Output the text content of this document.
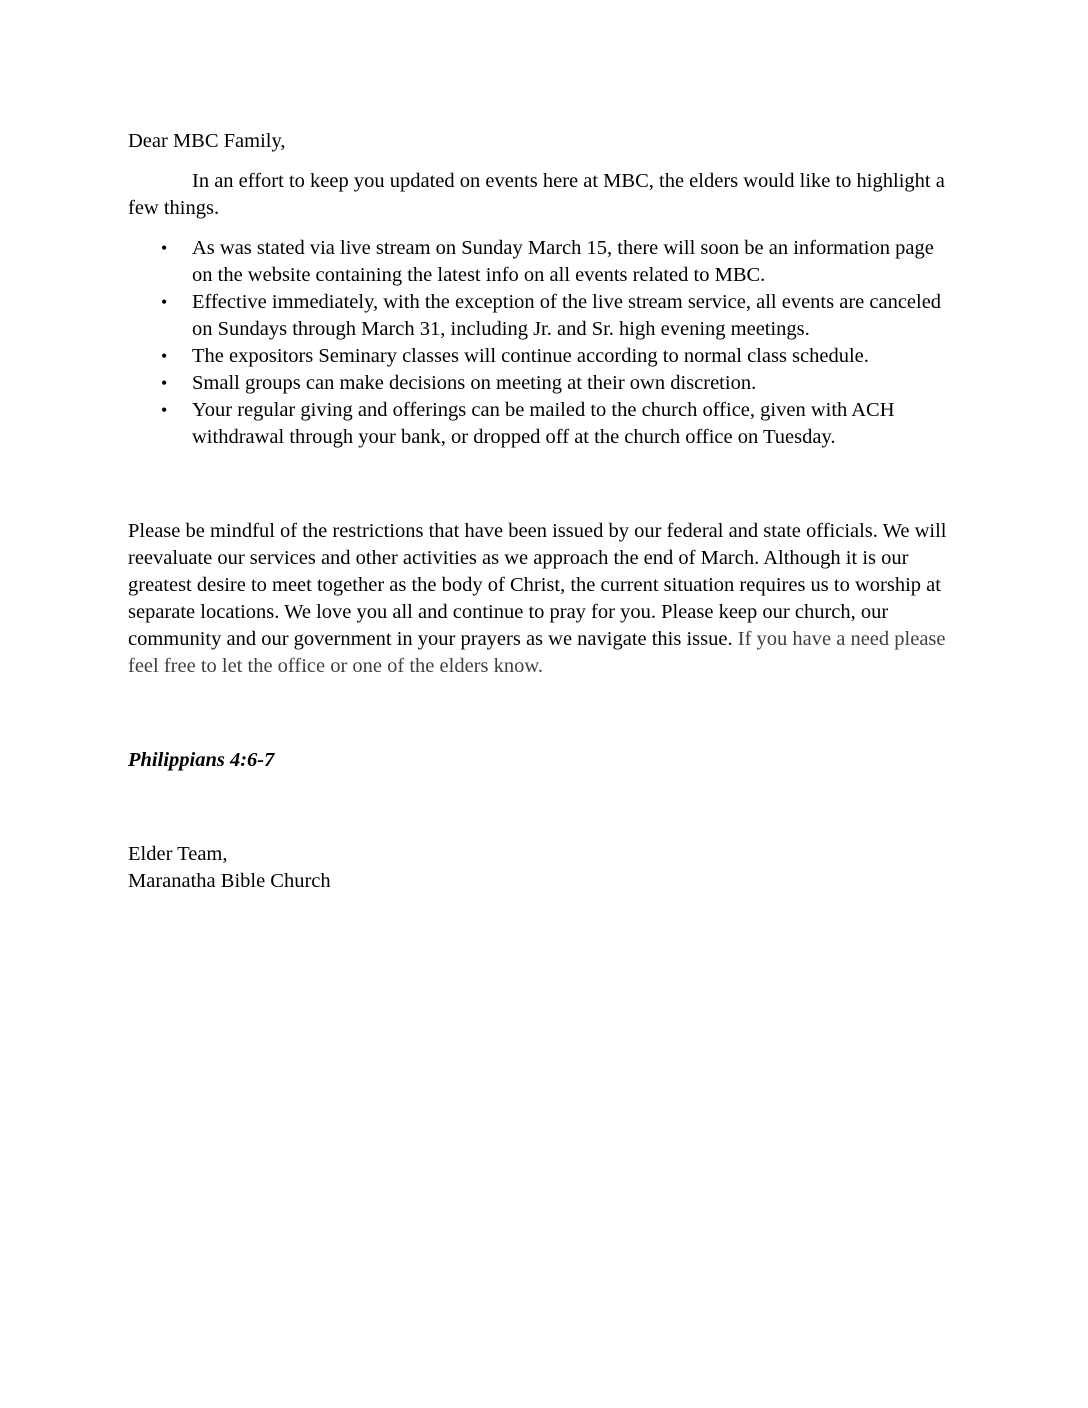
Dear MBC Family,

In an effort to keep you updated on events here at MBC, the elders would like to highlight a few things.

• As was stated via live stream on Sunday March 15, there will soon be an information page on the website containing the latest info on all events related to MBC.
• Effective immediately, with the exception of the live stream service, all events are canceled on Sundays through March 31, including Jr. and Sr. high evening meetings.
• The expositors Seminary classes will continue according to normal class schedule.
• Small groups can make decisions on meeting at their own discretion.
• Your regular giving and offerings can be mailed to the church office, given with ACH withdrawal through your bank, or dropped off at the church office on Tuesday.

Please be mindful of the restrictions that have been issued by our federal and state officials. We will reevaluate our services and other activities as we approach the end of March. Although it is our greatest desire to meet together as the body of Christ, the current situation requires us to worship at separate locations. We love you all and continue to pray for you. Please keep our church, our community and our government in your prayers as we navigate this issue. If you have a need please feel free to let the office or one of the elders know.

Philippians 4:6-7

Elder Team,
Maranatha Bible Church
